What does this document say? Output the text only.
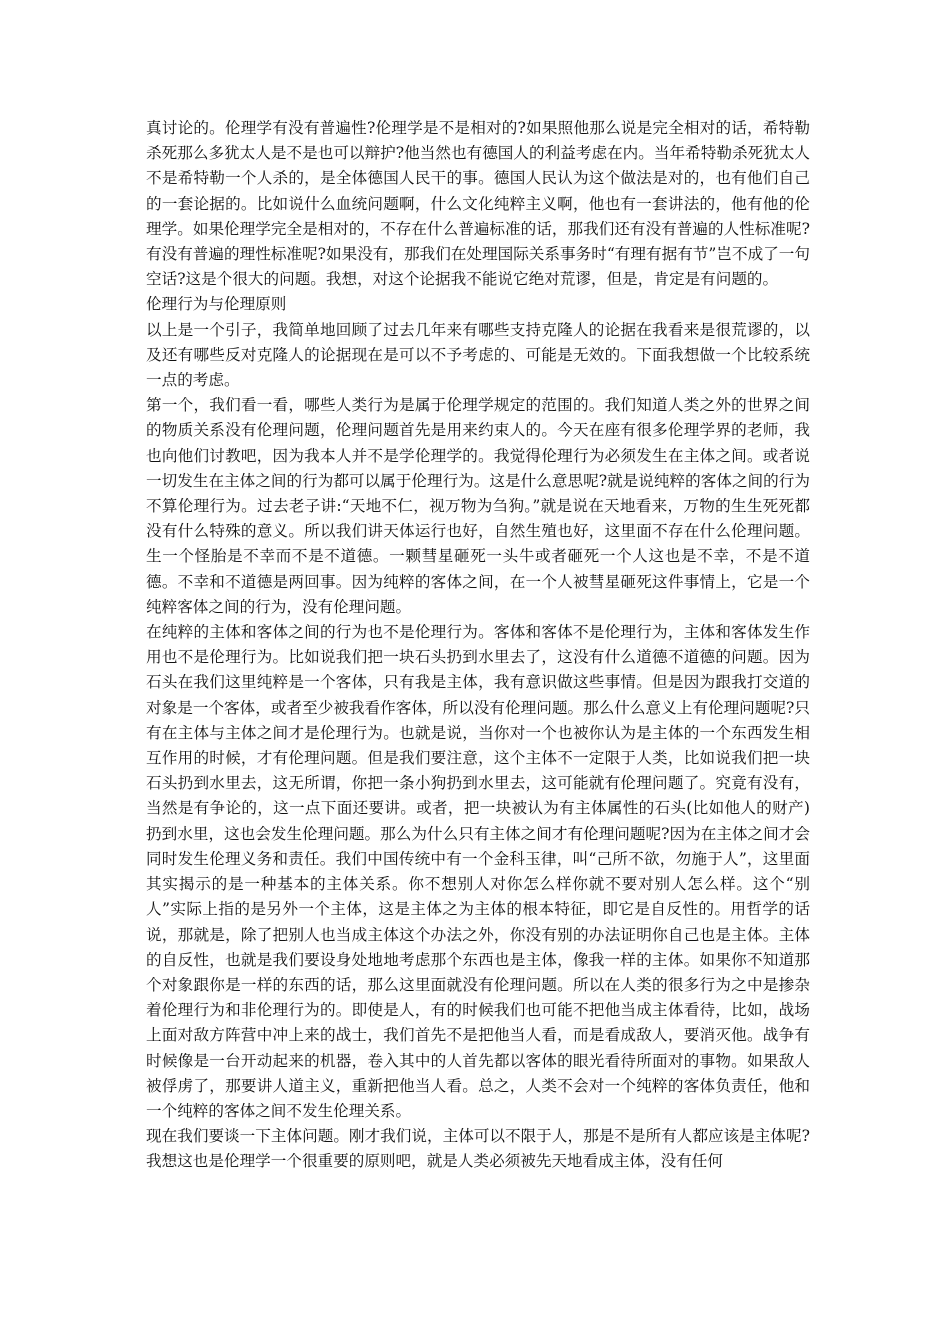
真讨论的。伦理学有没有普遍性?伦理学是不是相对的?如果照他那么说是完全相对的话，希特勒杀死那么多犹太人是不是也可以辩护?他当然也有德国人的利益考虑在内。当年希特勒杀死犹太人不是希特勒一个人杀的，是全体德国人民干的事。德国人民认为这个做法是对的，也有他们自己的一套论据的。比如说什么血统问题啊，什么文化纯粹主义啊，他也有一套讲法的，他有他的伦理学。如果伦理学完全是相对的，不存在什么普遍标准的话，那我们还有没有普遍的人性标准呢?有没有普遍的理性标准呢?如果没有，那我们在处理国际关系事务时“有理有据有节”岂不成了一句空话?这是个很大的问题。我想，对这个论据我不能说它绝对荒谬，但是，肯定是有问题的。

伦理行为与伦理原则

以上是一个引子，我简单地回顾了过去几年来有哪些支持克隆人的论据在我看来是很荒谬的，以及还有哪些反对克隆人的论据现在是可以不予考虑的、可能是无效的。下面我想做一个比较系统一点的考虑。

第一个，我们看一看，哪些人类行为是属于伦理学规定的范围的。我们知道人类之外的世界之间的物质关系没有伦理问题，伦理问题首先是用来约束人的。今天在座有很多伦理学界的老师，我也向他们讨教吧，因为我本人并不是学伦理学的。我觉得伦理行为必须发生在主体之间。或者说一切发生在主体之间的行为都可以属于伦理行为。这是什么意思呢?就是说纯粹的客体之间的行为不算伦理行为。过去老子讲:“天地不仁，视万物为刍狗。”就是说在天地看来，万物的生生死死都没有什么特殊的意义。所以我们讲天体运行也好，自然生殖也好，这里面不存在什么伦理问题。生一个怪胎是不幸而不是不道德。一颗彗星砸死一头牛或者砸死一个人这也是不幸，不是不道德。不幸和不道德是两回事。因为纯粹的客体之间，在一个人被彗星砸死这件事情上，它是一个纯粹客体之间的行为，没有伦理问题。

在纯粹的主体和客体之间的行为也不是伦理行为。客体和客体不是伦理行为，主体和客体发生作用也不是伦理行为。比如说我们把一块石头扔到水里去了，这没有什么道德不道德的问题。因为石头在我们这里纯粹是一个客体，只有我是主体，我有意识做这些事情。但是因为跟我打交道的对象是一个客体，或者至少被我看作客体，所以没有伦理问题。那么什么意义上有伦理问题呢?只有在主体与主体之间才是伦理行为。也就是说，当你对一个也被你认为是主体的一个东西发生相互作用的时候，才有伦理问题。但是我们要注意，这个主体不一定限于人类，比如说我们把一块石头扔到水里去，这无所谓，你把一条小狗扔到水里去，这可能就有伦理问题了。究竟有没有，当然是有争论的，这一点下面还要讲。或者，把一块被认为有主体属性的石头(比如他人的财产)扔到水里，这也会发生伦理问题。那么为什么只有主体之间才有伦理问题呢?因为在主体之间才会同时发生伦理义务和责任。我们中国传统中有一个金科玉律，叫“己所不欲，勿施于人”，这里面其实揭示的是一种基本的主体关系。你不想别人对你怎么样你就不要对别人怎么样。这个“别人”实际上指的是另外一个主体，这是主体之为主体的根本特征，即它是自反性的。用哲学的话说，那就是，除了把别人也当成主体这个办法之外，你没有别的办法证明你自己也是主体。主体的自反性，也就是我们要设身处地地考虑那个东西也是主体，像我一样的主体。如果你不知道那个对象跟你是一样的东西的话，那么这里面就没有伦理问题。所以在人类的很多行为之中是掺杂着伦理行为和非伦理行为的。即使是人，有的时候我们也可能不把他当成主体看待，比如，战场上面对敌方阵营中冲上来的战士，我们首先不是把他当人看，而是看成敌人，要消灭他。战争有时候像是一台开动起来的机器，卷入其中的人首先都以客体的眼光看待所面对的事物。如果敌人被俘虏了，那要讲人道主义，重新把他当人看。总之，人类不会对一个纯粹的客体负责任，他和一个纯粹的客体之间不发生伦理关系。

现在我们要谈一下主体问题。刚才我们说，主体可以不限于人，那是不是所有人都应该是主体呢?我想这也是伦理学一个很重要的原则吧，就是人类必须被先天地看成主体，没有任何
